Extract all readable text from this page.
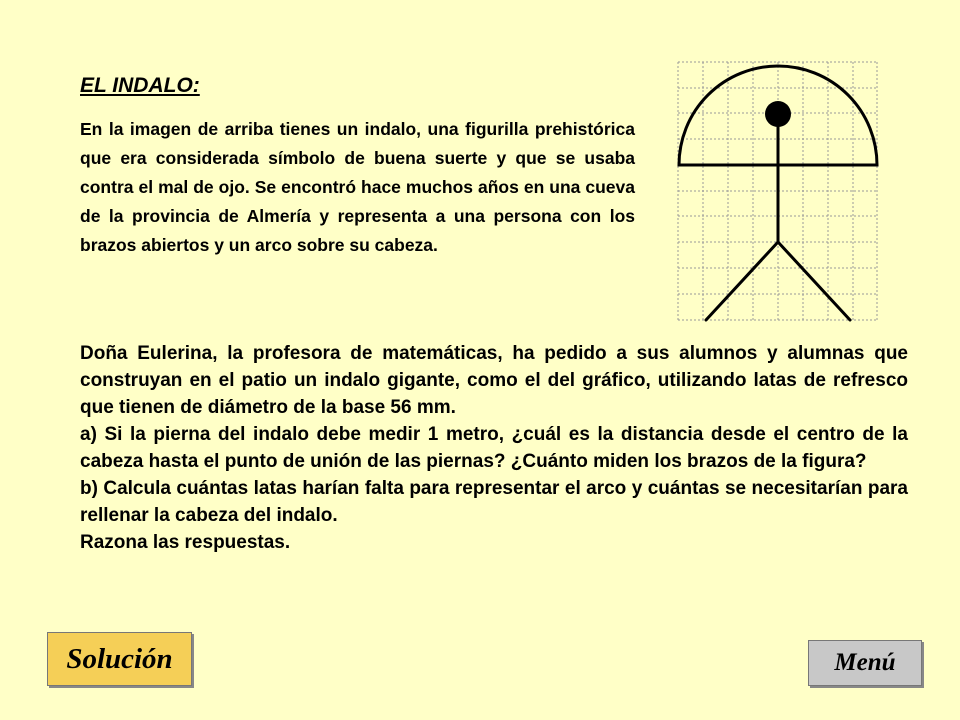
EL INDALO:
En la imagen de arriba tienes un indalo, una figurilla prehistórica que era considerada símbolo de buena suerte y que se usaba contra el mal de ojo. Se encontró hace muchos años en una cueva de la provincia de Almería y representa a una persona con los brazos abiertos y un arco sobre su cabeza.

Doña Eulerina, la profesora de matemáticas, ha pedido a sus alumnos y alumnas que construyan en el patio un indalo gigante, como el del gráfico, utilizando latas de refresco que tienen de diámetro de la base 56 mm.

a) Si la pierna del indalo debe medir 1 metro, ¿cuál es la distancia desde el centro de la cabeza hasta el punto de unión de las piernas? ¿Cuánto miden los brazos de la figura?

b) Calcula cuántas latas harían falta para representar el arco y cuántas se necesitarían para rellenar la cabeza del indalo.

Razona las respuestas.

Solución	Menú
